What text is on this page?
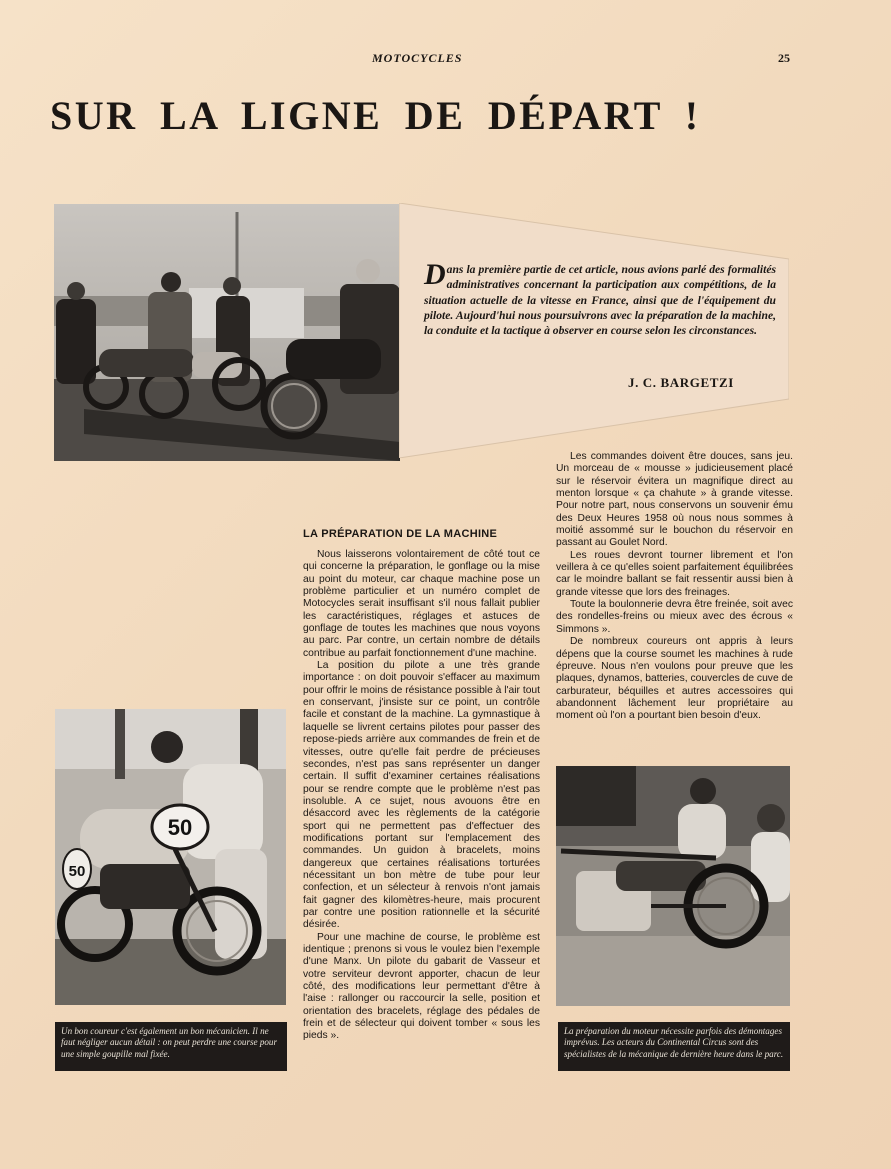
MOTOCYCLES	25
SUR LA LIGNE DE DÉPART !
Dans la première partie de cet article, nous avions parlé des formalités administratives concernant la participation aux compétitions, de la situation actuelle de la vitesse en France, ainsi que de l'équipement du pilote. Aujourd'hui nous poursuivrons avec la préparation de la machine, la conduite et la tactique à observer en course selon les circonstances.
J. C. BARGETZI
LA PRÉPARATION DE LA MACHINE

Nous laisserons volontairement de côté tout ce qui concerne la préparation, le gonflage ou la mise au point du moteur, car chaque machine pose un problème particulier et un numéro complet de Motocycles serait insuffisant s'il nous fallait publier les caractéristiques, réglages et astuces de gonflage de toutes les machines que nous voyons au parc. Par contre, un certain nombre de détails contribue au parfait fonctionnement d'une machine.

La position du pilote a une très grande importance : on doit pouvoir s'effacer au maximum pour offrir le moins de résistance possible à l'air tout en conservant, j'insiste sur ce point, un contrôle facile et constant de la machine. La gymnastique à laquelle se livrent certains pilotes pour passer des repose-pieds arrière aux commandes de frein et de vitesses, outre qu'elle fait perdre de précieuses secondes, n'est pas sans représenter un danger certain. Il suffit d'examiner certaines réalisations pour se rendre compte que le problème n'est pas insoluble. A ce sujet, nous avouons être en désaccord avec les règlements de la catégorie sport qui ne permettent pas d'effectuer des modifications portant sur l'emplacement des commandes. Un guidon à bracelets, moins dangereux que certaines réalisations torturées nécessitant un bon mètre de tube pour leur confection, et un sélecteur à renvois n'ont jamais fait gagner des kilomètres-heure, mais procurent par contre une position rationnelle et la sécurité désirée.

Pour une machine de course, le problème est identique ; prenons si vous le voulez bien l'exemple d'une Manx. Un pilote du gabarit de Vasseur et votre serviteur devront apporter, chacun de leur côté, des modifications leur permettant d'être à l'aise : rallonger ou raccourcir la selle, position et orientation des bracelets, réglage des pédales de frein et de sélecteur qui doivent tomber « sous les pieds ».

Les commandes doivent être douces, sans jeu. Un morceau de « mousse » judicieusement placé sur le réservoir évitera un magnifique direct au menton lorsque « ça chahute » à grande vitesse. Pour notre part, nous conservons un souvenir ému des Deux Heures 1958 où nous nous sommes à moitié assommé sur le bouchon du réservoir en passant au Goulet Nord.

Les roues devront tourner librement et l'on veillera à ce qu'elles soient parfaitement équilibrées car le moindre ballant se fait ressentir aussi bien à grande vitesse que lors des freinages.

Toute la boulonnerie devra être freinée, soit avec des rondelles-freins ou mieux avec des écrous « Simmons ».

De nombreux coureurs ont appris à leurs dépens que la course soumet les machines à rude épreuve. Nous n'en voulons pour preuve que les plaques, dynamos, batteries, couvercles de cuve de carburateur, béquilles et autres accessoires qui abandonnent lâchement leur propriétaire au moment où l'on a pourtant bien besoin d'eux.

50
50
Un bon coureur c'est également un bon mécanicien. Il ne faut négliger aucun détail : on peut perdre une course pour une simple goupille mal fixée.
La préparation du moteur nécessite parfois des démontages imprévus. Les acteurs du Continental Circus sont des spécialistes de la mécanique de dernière heure dans le parc.
